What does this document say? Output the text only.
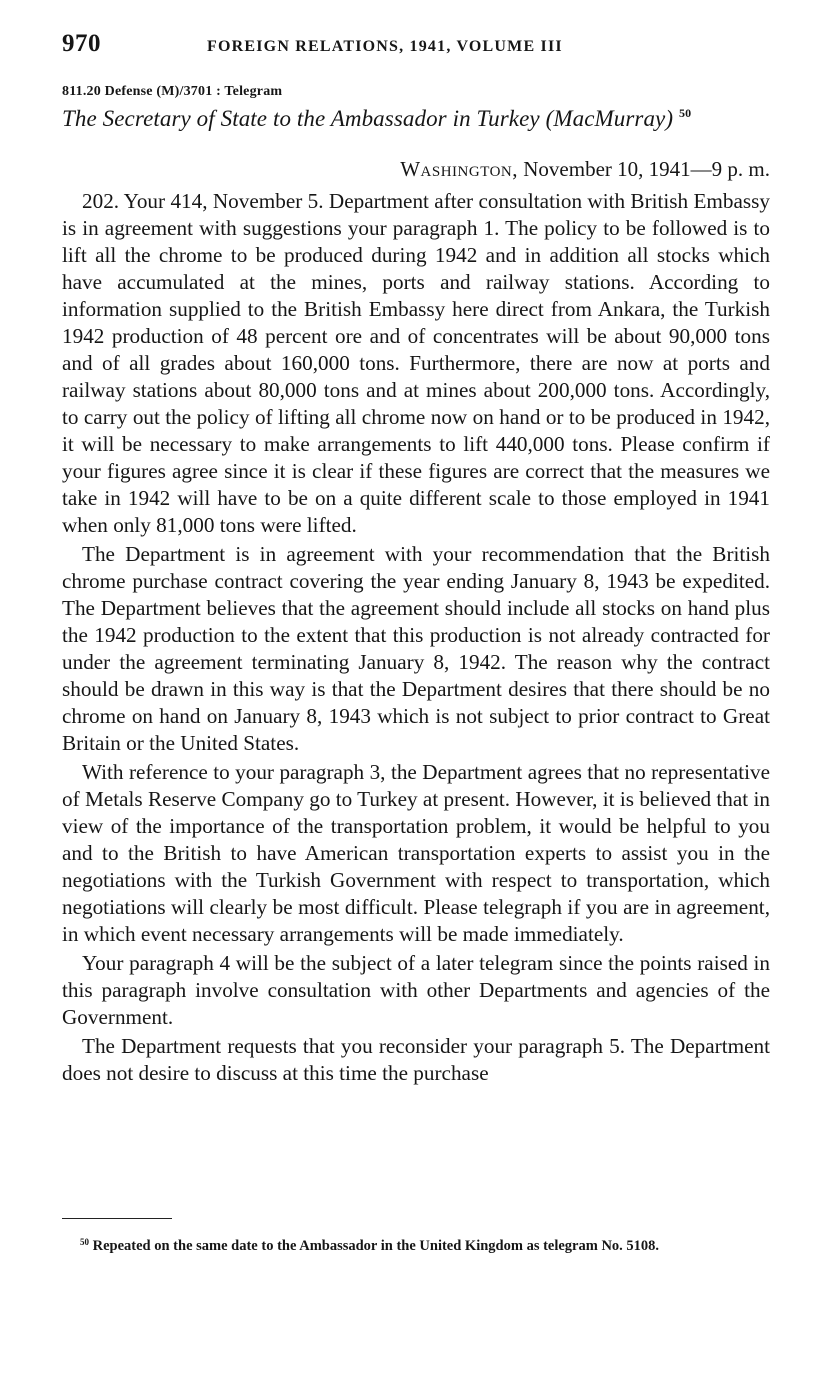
970	FOREIGN RELATIONS, 1941, VOLUME III
811.20 Defense (M)/3701 : Telegram
The Secretary of State to the Ambassador in Turkey (MacMurray) $^{50}$
Washington, November 10, 1941—9 p. m.

202. Your 414, November 5. Department after consultation with British Embassy is in agreement with suggestions your paragraph 1. The policy to be followed is to lift all the chrome to be produced during 1942 and in addition all stocks which have accumulated at the mines, ports and railway stations. According to information supplied to the British Embassy here direct from Ankara, the Turkish 1942 production of 48 percent ore and of concentrates will be about 90,000 tons and of all grades about 160,000 tons. Furthermore, there are now at ports and railway stations about 80,000 tons and at mines about 200,000 tons. Accordingly, to carry out the policy of lifting all chrome now on hand or to be produced in 1942, it will be necessary to make arrangements to lift 440,000 tons. Please confirm if your figures agree since it is clear if these figures are correct that the measures we take in 1942 will have to be on a quite different scale to those employed in 1941 when only 81,000 tons were lifted.

The Department is in agreement with your recommendation that the British chrome purchase contract covering the year ending January 8, 1943 be expedited. The Department believes that the agreement should include all stocks on hand plus the 1942 production to the extent that this production is not already contracted for under the agreement terminating January 8, 1942. The reason why the contract should be drawn in this way is that the Department desires that there should be no chrome on hand on January 8, 1943 which is not subject to prior contract to Great Britain or the United States.

With reference to your paragraph 3, the Department agrees that no representative of Metals Reserve Company go to Turkey at present. However, it is believed that in view of the importance of the transportation problem, it would be helpful to you and to the British to have American transportation experts to assist you in the negotiations with the Turkish Government with respect to transportation, which negotiations will clearly be most difficult. Please telegraph if you are in agreement, in which event necessary arrangements will be made immediately.

Your paragraph 4 will be the subject of a later telegram since the points raised in this paragraph involve consultation with other Departments and agencies of the Government.

The Department requests that you reconsider your paragraph 5. The Department does not desire to discuss at this time the purchase

$^{50}$ Repeated on the same date to the Ambassador in the United Kingdom as telegram No. 5108.
